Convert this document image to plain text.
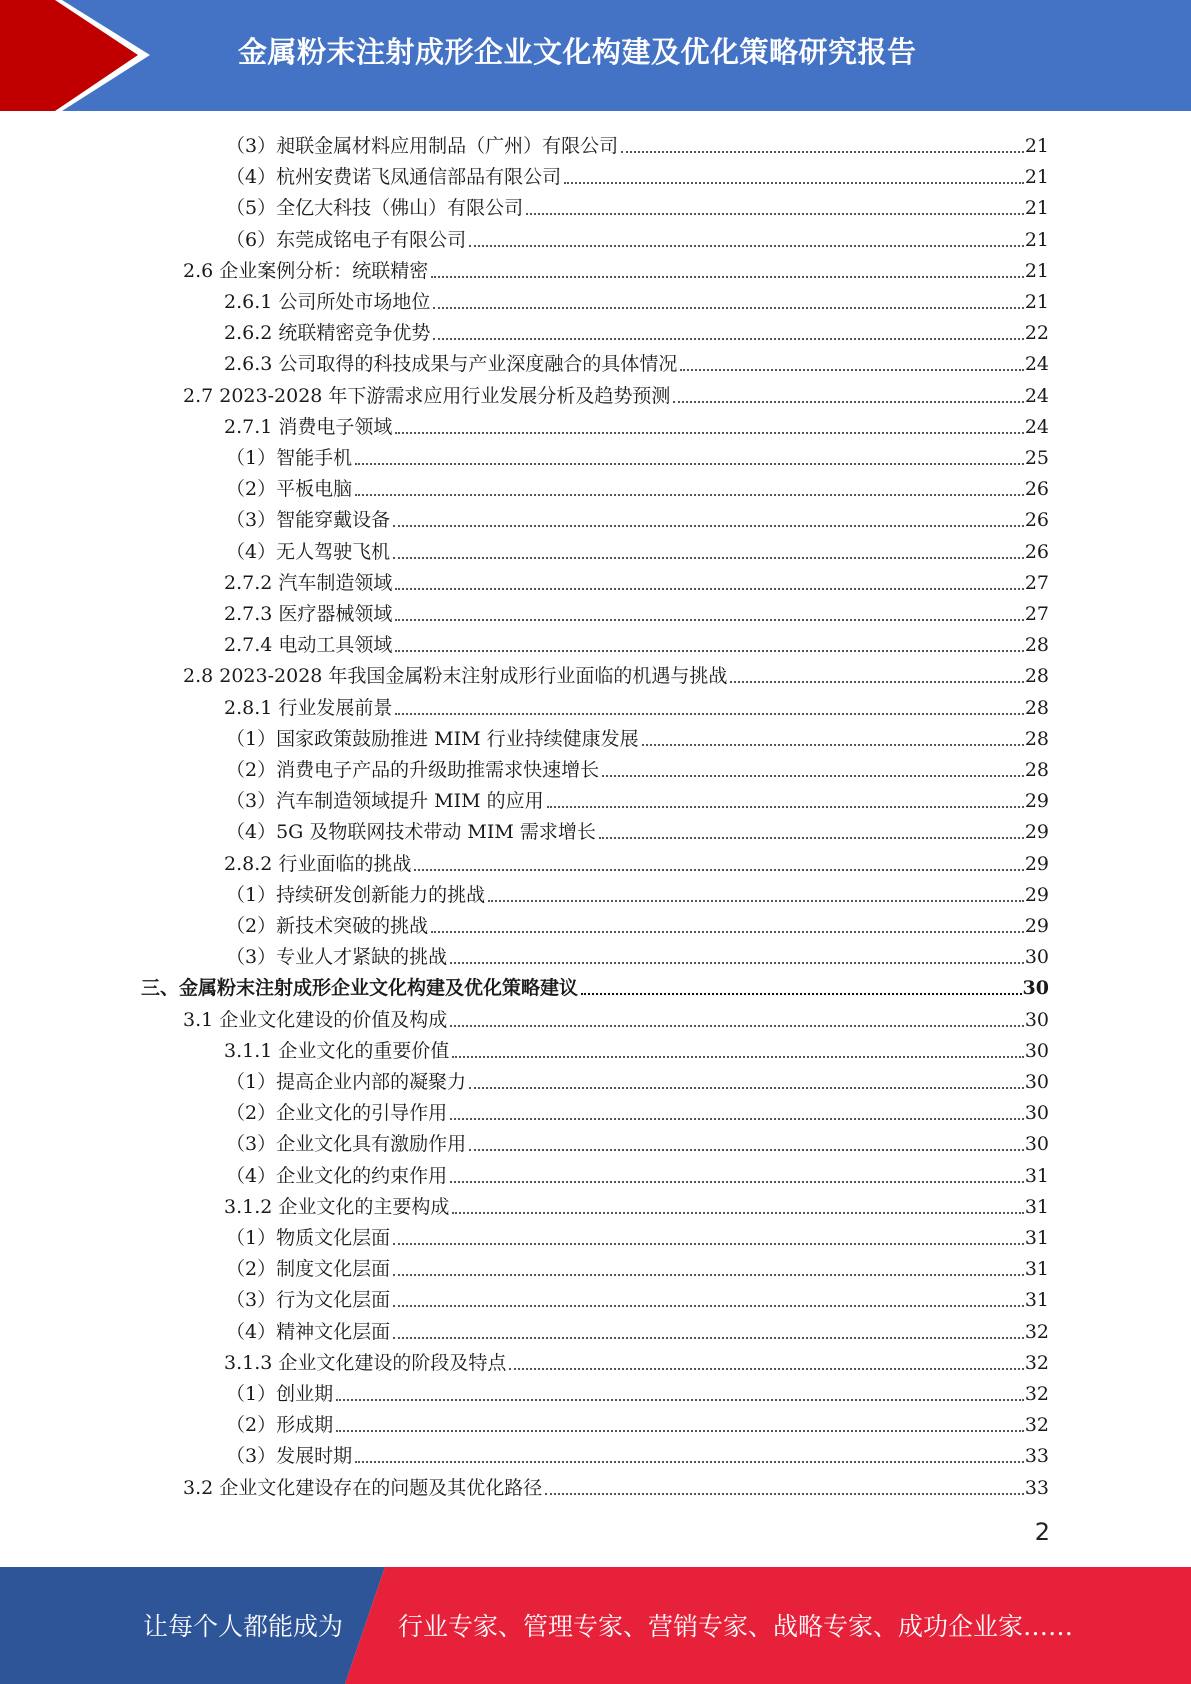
金属粉末注射成形企业文化构建及优化策略研究报告
（3）昶联金属材料应用制品（广州）有限公司	21
（4）杭州安费诺飞凤通信部品有限公司	21
（5）全亿大科技（佛山）有限公司	21
（6）东莞成铭电子有限公司	21
2.6 企业案例分析：统联精密	21
2.6.1 公司所处市场地位	21
2.6.2 统联精密竞争优势	22
2.6.3 公司取得的科技成果与产业深度融合的具体情况	24
2.7 2023-2028 年下游需求应用行业发展分析及趋势预测	24
2.7.1 消费电子领域	24
（1）智能手机	25
（2）平板电脑	26
（3）智能穿戴设备	26
（4）无人驾驶飞机	26
2.7.2 汽车制造领域	27
2.7.3 医疗器械领域	27
2.7.4 电动工具领域	28
2.8 2023-2028 年我国金属粉末注射成形行业面临的机遇与挑战	28
2.8.1 行业发展前景	28
（1）国家政策鼓励推进 MIM 行业持续健康发展	28
（2）消费电子产品的升级助推需求快速增长	28
（3）汽车制造领域提升 MIM 的应用	29
（4）5G 及物联网技术带动 MIM 需求增长	29
2.8.2 行业面临的挑战	29
（1）持续研发创新能力的挑战	29
（2）新技术突破的挑战	29
（3）专业人才紧缺的挑战	30
三、金属粉末注射成形企业文化构建及优化策略建议	30
3.1 企业文化建设的价值及构成	30
3.1.1 企业文化的重要价值	30
（1）提高企业内部的凝聚力	30
（2）企业文化的引导作用	30
（3）企业文化具有激励作用	30
（4）企业文化的约束作用	31
3.1.2 企业文化的主要构成	31
（1）物质文化层面	31
（2）制度文化层面	31
（3）行为文化层面	31
（4）精神文化层面	32
3.1.3 企业文化建设的阶段及特点	32
（1）创业期	32
（2）形成期	32
（3）发展时期	33
3.2 企业文化建设存在的问题及其优化路径	33
2
让每个人都能成为 行业专家、管理专家、营销专家、战略专家、成功企业家……
